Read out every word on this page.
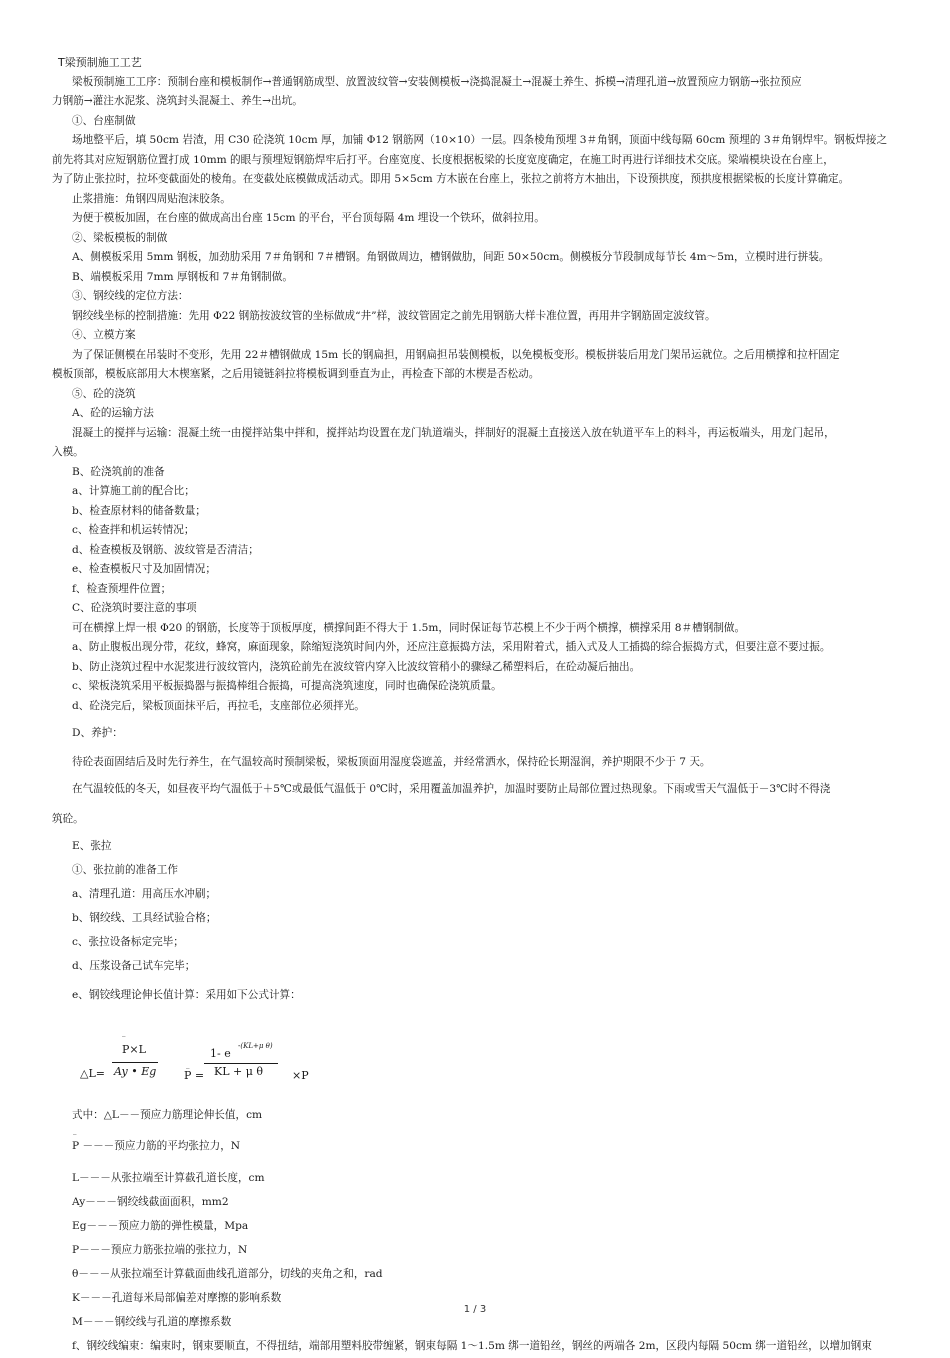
T梁预制施工工艺
梁板预制施工工序：预制台座和模板制作→普通钢筋成型、放置波纹管→安装侧模板→浇捣混凝土→混凝土养生、拆模→清理孔道→放置预应力钢筋→张拉预应
力钢筋→灌注水泥浆、浇筑封头混凝土、养生→出坑。
①、台座制做
场地整平后，填 50cm 岩渣，用 C30 砼浇筑 10cm 厚，加铺 Φ12 钢筋网（10×10）一层。四条棱角预埋 3＃角钢，顶面中线每隔 60cm 预埋的 3＃角钢焊牢。钢板焊接之
前先将其对应短钢筋位置打成 10mm 的眼与预埋短钢筋焊牢后打平。台座宽度、长度根据板梁的长度宽度确定，在施工时再进行详细技术交底。梁端模块设在台座上，
为了防止张拉时，拉坏变截面处的棱角。在变截处底模做成活动式。即用 5×5cm 方木嵌在台座上，张拉之前将方木抽出，下设预拱度，预拱度根据梁板的长度计算确定。
止浆措施：角钢四周贴泡沫胶条。
为便于模板加固，在台座的做成高出台座 15cm 的平台，平台顶每隔 4m 埋设一个铁环，做斜拉用。
②、梁板模板的制做
A、侧模板采用 5mm 钢板，加劲肋采用 7＃角钢和 7＃槽钢。角钢做周边，槽钢做肋，间距 50×50cm。侧模板分节段制成每节长 4m～5m，立模时进行拼装。
B、端模板采用 7mm 厚钢板和 7＃角钢制做。
③、钢绞线的定位方法：
钢绞线坐标的控制措施：先用 Φ22 钢筋按波纹管的坐标做成“井”样，波纹管固定之前先用钢筋大样卡准位置，再用井字钢筋固定波纹管。
④、立模方案
为了保证侧模在吊装时不变形，先用 22＃槽钢做成 15m 长的钢扁担，用钢扁担吊装侧模板，以免模板变形。模板拼装后用龙门架吊运就位。之后用横撑和拉杆固定
模板顶部，模板底部用大木楔塞紧，之后用镜链斜拉将模板调到垂直为止，再检查下部的木楔是否松动。
⑤、砼的浇筑
A、砼的运输方法
混凝土的搅拌与运输：混凝土统一由搅拌站集中拌和，搅拌站均设置在龙门轨道端头，拌制好的混凝土直接送入放在轨道平车上的料斗，再运板端头，用龙门起吊，
入模。
B、砼浇筑前的准备
a、计算施工前的配合比；
b、检查原材料的储备数量；
c、检查拌和机运转情况；
d、检查模板及钢筋、波纹管是否清洁；
e、检查模板尺寸及加固情况；
f、检查预埋件位置；
C、砼浇筑时要注意的事项
可在横撑上焊一根 Φ20 的钢筋，长度等于顶板厚度，横撑间距不得大于 1.5m，同时保证每节芯模上不少于两个横撑，横撑采用 8＃槽钢制做。
a、防止腹板出现分带，花纹，蜂窝，麻面现象，除缩短浇筑时间内外，还应注意振捣方法，采用附着式，插入式及人工插捣的综合振捣方式，但要注意不要过振。
b、防止浇筑过程中水泥浆进行波纹管内，浇筑砼前先在波纹管内穿入比波纹管稍小的骤绿乙稀塑料后，在砼动凝后抽出。
c、梁板浇筑采用平板振捣器与振捣棒组合振捣，可提高浇筑速度，同时也确保砼浇筑质量。
d、砼浇完后，梁板顶面抹平后，再拉毛，支座部位必须拌光。
D、养护：
待砼表面固结后及时先行养生，在气温较高时预制梁板，梁板顶面用湿度袋遮盖，并经常洒水，保持砼长期湿润，养护期限不少于 7 天。
在气温较低的冬天，如昼夜平均气温低于＋5℃或最低气温低于 0℃时，采用覆盖加温养护，加温时要防止局部位置过热现象。下雨或雪天气温低于－3℃时不得浇
筑砼。
E、张拉
①、张拉前的准备工作
a、清理孔道：用高压水冲刷；
b、钢绞线、工具经试验合格；
c、张拉设备标定完毕；
d、压浆设备己试车完毕；
e、钢铰线理论伸长值计算：采用如下公式计算：
△L=
_
P×L
Ay • Eg	_
P =
1- e
-(KL+μ θ)
KL + μ θ	×P
式中：△L－－预应力筋理论伸长值，cm
_
P －－－预应力筋的平均张拉力，N
L－－－从张拉端至计算截孔道长度，cm
Ay－－－钢绞线截面面积，mm2
Eg－－－预应力筋的弹性模量，Mpa
P－－－预应力筋张拉端的张拉力，N
θ－－－从张拉端至计算截面曲线孔道部分，切线的夹角之和，rad
K－－－孔道每米局部偏差对摩擦的影响系数
M－－－钢绞线与孔道的摩擦系数
f、钢绞线编束：编束时，钢束要顺直，不得扭结，端部用塑料胶带缠紧，钢束每隔 1～1.5m 绑一道铅丝，钢丝的两端各 2m，区段内每隔 50cm 绑一道铅丝，以增加钢束
1 / 3
